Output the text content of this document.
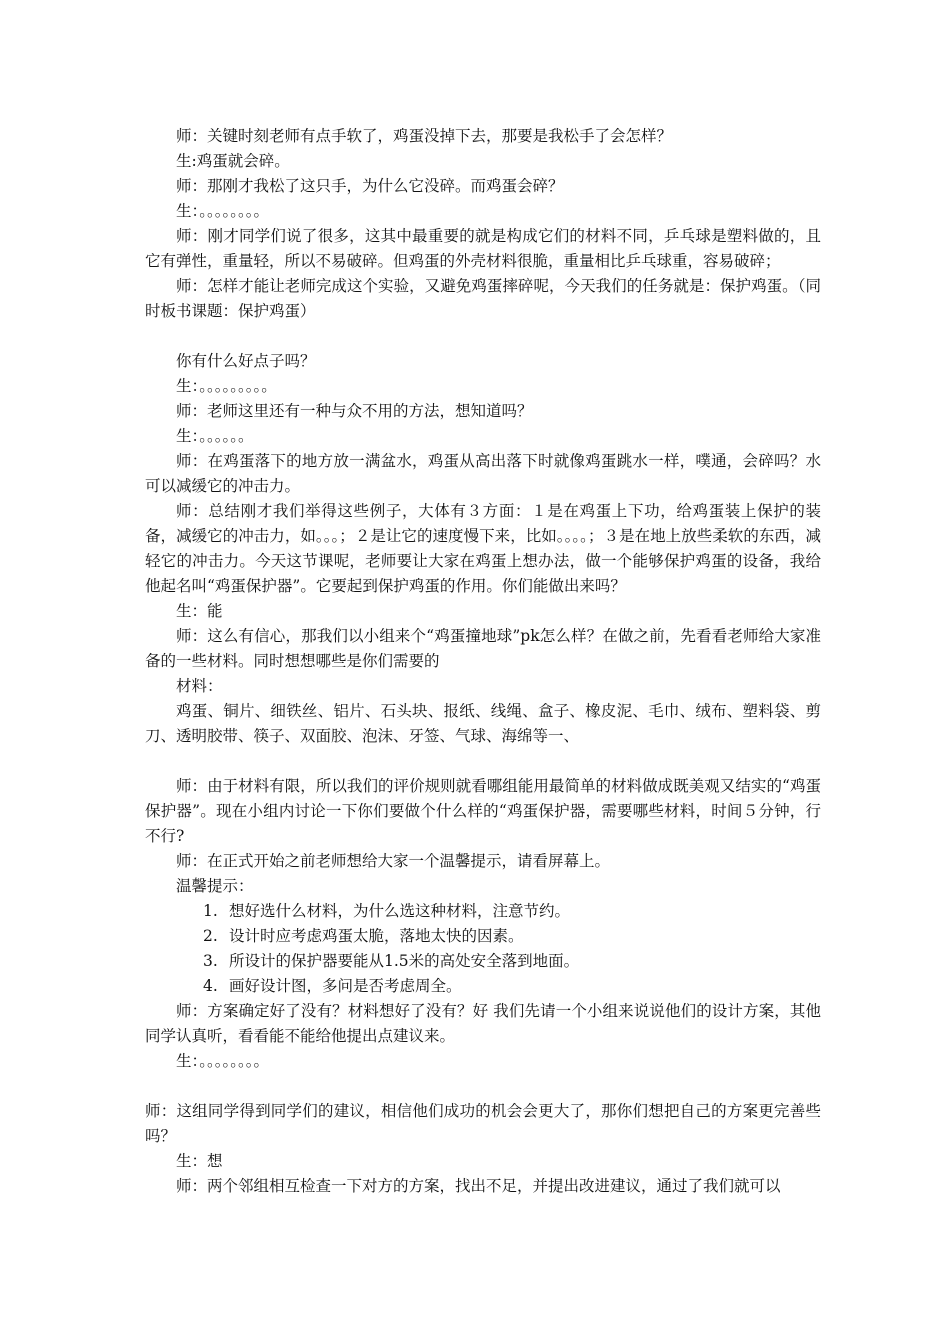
师：关键时刻老师有点手软了，鸡蛋没掉下去，那要是我松手了会怎样？

生:鸡蛋就会碎。

师：那刚才我松了这只手，为什么它没碎。而鸡蛋会碎？

生：。。。。。。。。

师：刚才同学们说了很多，这其中最重要的就是构成它们的材料不同，乒乓球是塑料做的，且它有弹性，重量轻，所以不易破碎。但鸡蛋的外壳材料很脆，重量相比乒乓球重，容易破碎；

师：怎样才能让老师完成这个实验，又避免鸡蛋摔碎呢，今天我们的任务就是：保护鸡蛋。（同时板书课题：保护鸡蛋）

你有什么好点子吗？

生：。。。。。。。。。

师：老师这里还有一种与众不用的方法，想知道吗？

生：。。。。。。

师：在鸡蛋落下的地方放一满盆水，鸡蛋从高出落下时就像鸡蛋跳水一样，噗通，会碎吗？水可以减缓它的冲击力。

师：总结刚才我们举得这些例子，大体有３方面：１是在鸡蛋上下功，给鸡蛋装上保护的装备，减缓它的冲击力，如。。。；２是让它的速度慢下来，比如。。。。；３是在地上放些柔软的东西，减轻它的冲击力。今天这节课呢，老师要让大家在鸡蛋上想办法，做一个能够保护鸡蛋的设备，我给他起名叫“鸡蛋保护器”。它要起到保护鸡蛋的作用。你们能做出来吗？

生：能

师：这么有信心，那我们以小组来个“鸡蛋撞地球”pk怎么样？在做之前，先看看老师给大家准备的一些材料。同时想想哪些是你们需要的

材料：

鸡蛋、铜片、细铁丝、铝片、石头块、报纸、线绳、盒子、橡皮泥、毛巾、绒布、塑料袋、剪刀、透明胶带、筷子、双面胶、泡沫、牙签、气球、海绵等一、

师：由于材料有限，所以我们的评价规则就看哪组能用最简单的材料做成既美观又结实的“鸡蛋保护器”。现在小组内讨论一下你们要做个什么样的“鸡蛋保护器，需要哪些材料，时间５分钟，行不行?

师：在正式开始之前老师想给大家一个温馨提示，请看屏幕上。

温馨提示：

1. 想好选什么材料，为什么选这种材料，注意节约。
2. 设计时应考虑鸡蛋太脆，落地太快的因素。
3. 所设计的保护器要能从1.5米的高处安全落到地面。
4. 画好设计图，多问是否考虑周全。

师：方案确定好了没有？材料想好了没有？好 我们先请一个小组来说说他们的设计方案，其他同学认真听，看看能不能给他提出点建议来。

生：。。。。。。。。

师：这组同学得到同学们的建议，相信他们成功的机会会更大了，那你们想把自己的方案更完善些吗？

生：想

师：两个邻组相互检查一下对方的方案，找出不足，并提出改进建议，通过了我们就可以
